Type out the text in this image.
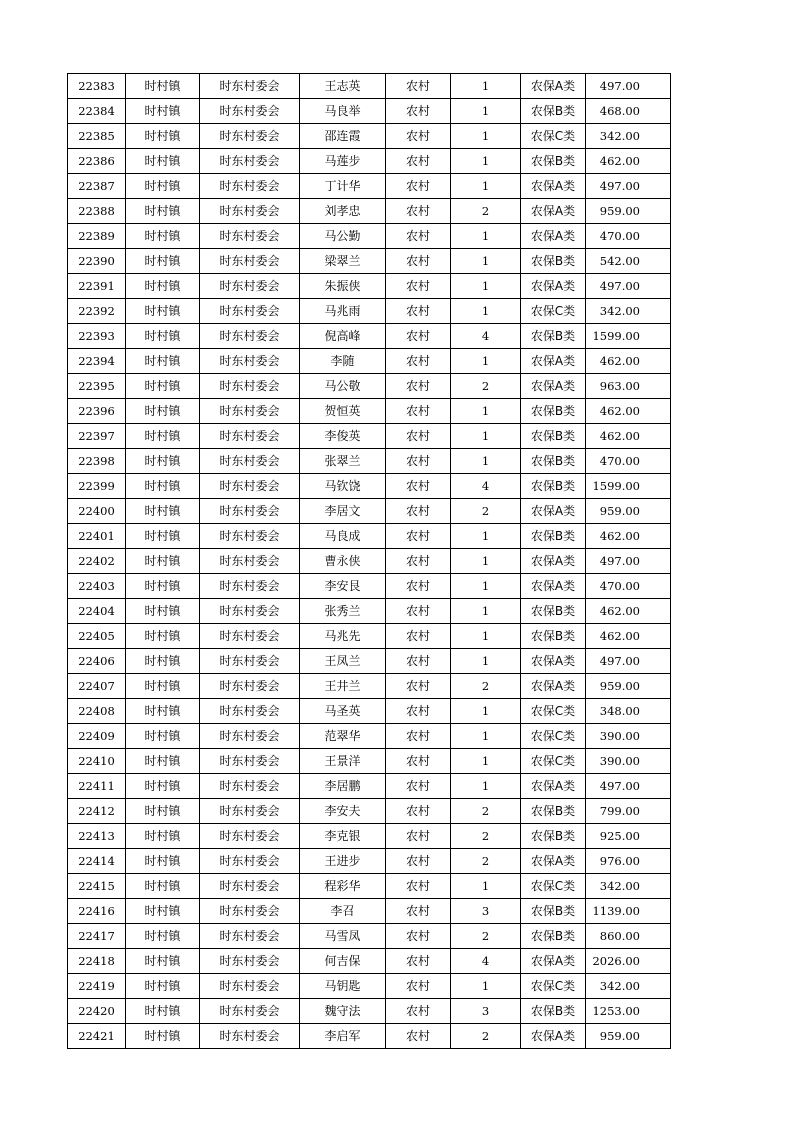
22383	时村镇	时东村委会	王志英	农村	1	农保A类	497.00
22384	时村镇	时东村委会	马良举	农村	1	农保B类	468.00
22385	时村镇	时东村委会	邵连霞	农村	1	农保C类	342.00
22386	时村镇	时东村委会	马莲步	农村	1	农保B类	462.00
22387	时村镇	时东村委会	丁计华	农村	1	农保A类	497.00
22388	时村镇	时东村委会	刘孝忠	农村	2	农保A类	959.00
22389	时村镇	时东村委会	马公勤	农村	1	农保A类	470.00
22390	时村镇	时东村委会	梁翠兰	农村	1	农保B类	542.00
22391	时村镇	时东村委会	朱振侠	农村	1	农保A类	497.00
22392	时村镇	时东村委会	马兆雨	农村	1	农保C类	342.00
22393	时村镇	时东村委会	倪高峰	农村	4	农保B类	1599.00
22394	时村镇	时东村委会	李随	农村	1	农保A类	462.00
22395	时村镇	时东村委会	马公敬	农村	2	农保A类	963.00
22396	时村镇	时东村委会	贺恒英	农村	1	农保B类	462.00
22397	时村镇	时东村委会	李俊英	农村	1	农保B类	462.00
22398	时村镇	时东村委会	张翠兰	农村	1	农保B类	470.00
22399	时村镇	时东村委会	马钦饶	农村	4	农保B类	1599.00
22400	时村镇	时东村委会	李居文	农村	2	农保A类	959.00
22401	时村镇	时东村委会	马良成	农村	1	农保B类	462.00
22402	时村镇	时东村委会	曹永侠	农村	1	农保A类	497.00
22403	时村镇	时东村委会	李安艮	农村	1	农保A类	470.00
22404	时村镇	时东村委会	张秀兰	农村	1	农保B类	462.00
22405	时村镇	时东村委会	马兆先	农村	1	农保B类	462.00
22406	时村镇	时东村委会	王凤兰	农村	1	农保A类	497.00
22407	时村镇	时东村委会	王井兰	农村	2	农保A类	959.00
22408	时村镇	时东村委会	马圣英	农村	1	农保C类	348.00
22409	时村镇	时东村委会	范翠华	农村	1	农保C类	390.00
22410	时村镇	时东村委会	王景洋	农村	1	农保C类	390.00
22411	时村镇	时东村委会	李居鹏	农村	1	农保A类	497.00
22412	时村镇	时东村委会	李安夫	农村	2	农保B类	799.00
22413	时村镇	时东村委会	李克银	农村	2	农保B类	925.00
22414	时村镇	时东村委会	王进步	农村	2	农保A类	976.00
22415	时村镇	时东村委会	程彩华	农村	1	农保C类	342.00
22416	时村镇	时东村委会	李召	农村	3	农保B类	1139.00
22417	时村镇	时东村委会	马雪凤	农村	2	农保B类	860.00
22418	时村镇	时东村委会	何吉保	农村	4	农保A类	2026.00
22419	时村镇	时东村委会	马钥匙	农村	1	农保C类	342.00
22420	时村镇	时东村委会	魏守法	农村	3	农保B类	1253.00
22421	时村镇	时东村委会	李启军	农村	2	农保A类	959.00
